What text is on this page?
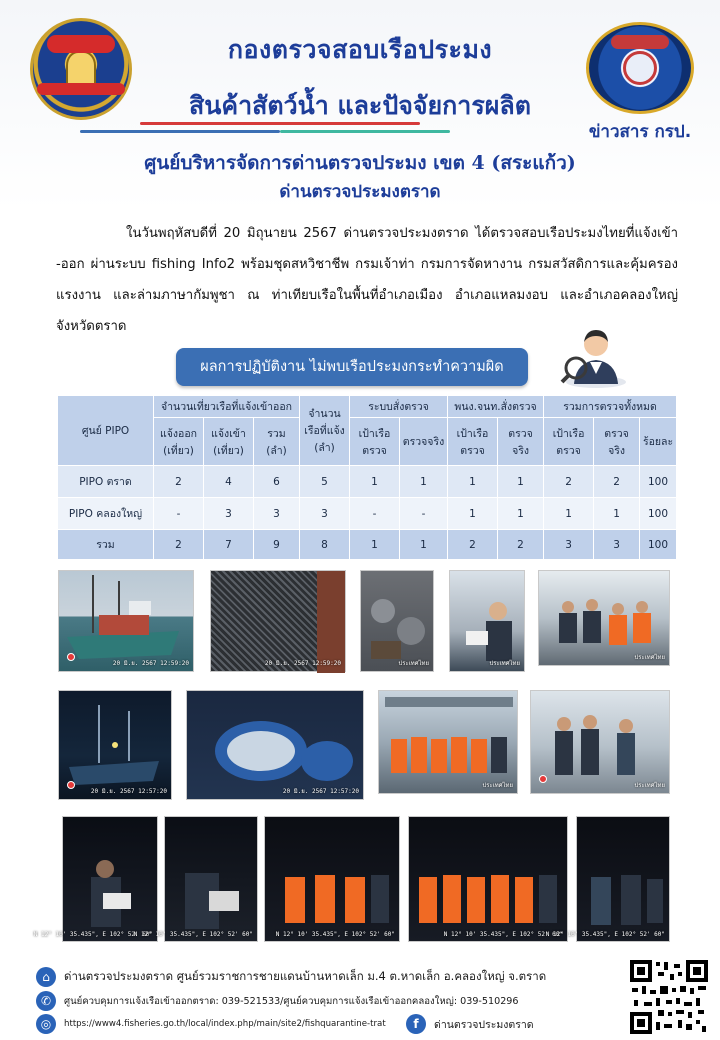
กองตรวจสอบเรือประมง
สินค้าสัตว์น้ำ และปัจจัยการผลิต
ข่าวสาร กรป.
ศูนย์บริหารจัดการด่านตรวจประมง เขต 4 (สระแก้ว)
ด่านตรวจประมงตราด

ในวันพฤหัสบดีที่ 20 มิถุนายน 2567 ด่านตรวจประมงตราด ได้ตรวจสอบเรือประมงไทยที่แจ้งเข้า -ออก ผ่านระบบ fishing Info2 พร้อมชุดสหวิชาชีพ กรมเจ้าท่า กรมการจัดหางาน กรมสวัสดิการและคุ้มครองแรงงาน และล่ามภาษากัมพูชา ณ ท่าเทียบเรือในพื้นที่อำเภอเมือง อำเภอแหลมงอบ และอำเภอคลองใหญ่ จังหวัดตราด

ผลการปฏิบัติงาน ไม่พบเรือประมงกระทำความผิด
ศูนย์ PIPO	จำนวนเที่ยวเรือที่แจ้งเข้าออก			จำนวนเรือที่แจ้ง (ลำ)	ระบบสั่งตรวจ		พนง.จนท.สั่งตรวจ		รวมการตรวจทั้งหมด		
	แจ้งออก (เที่ยว)	แจ้งเข้า (เที่ยว)	รวม (ลำ)		เป้าเรือตรวจ	ตรวจจริง	เป้าเรือตรวจ	ตรวจจริง	เป้าเรือตรวจ	ตรวจจริง	ร้อยละ
PIPO ตราด	2	4	6	5	1	1	1	1	2	2	100
PIPO คลองใหญ่	-	3	3	3	-	-	1	1	1	1	100
รวม	2	7	9	8	1	1	2	2	3	3	100
20 มิ.ย. 2567 12:59:20	20 มิ.ย. 2567 12:59:20	ประเทศไทย	ประเทศไทย
ประเทศไทย
20 มิ.ย. 2567 12:57:20	20 มิ.ย. 2567 12:57:20
ประเทศไทย	ประเทศไทย
N 12° 10' 35.435", E 102° 52' 60"
N 12° 10' 35.435", E 102° 52' 60"	N 12° 10' 35.435", E 102° 52' 60"	N 12° 10' 35.435", E 102° 52' 60"
N 12° 10' 35.435", E 102° 52' 60"
⌂	ด่านตรวจประมงตราด ศูนย์รวมราชการชายแดนบ้านหาดเล็ก ม.4 ต.หาดเล็ก อ.คลองใหญ่ จ.ตราด
✆	ศูนย์ควบคุมการแจ้งเรือเข้าออกตราด: 039-521533/ศูนย์ควบคุมการแจ้งเรือเข้าออกคลองใหญ่: 039-510296
◎	https://www4.fisheries.go.th/local/index.php/main/site2/fishquarantine-trat	f	ด่านตรวจประมงตราด
